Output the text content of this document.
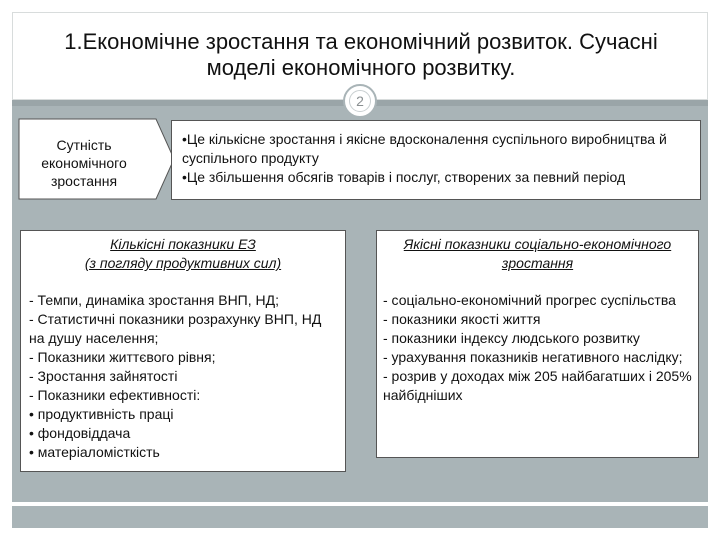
1.Економічне зростання та економічний розвиток. Сучасні моделі економічного розвитку.
2
Сутність економічного зростання
•Це кількісне зростання і якісне вдосконалення суспільного виробництва й суспільного продукту
•Це збільшення обсягів товарів і послуг, створених за певний період
Кількісні показники ЕЗ
(з погляду продуктивних сил)
- Темпи, динаміка зростання ВНП, НД;
- Статистичні показники розрахунку ВНП, НД на душу населення;
- Показники життєвого рівня;
- Зростання зайнятості
- Показники ефективності:
• продуктивність праці
• фондовіддача
• матеріаломісткість
Якісні показники соціально-економічного
зростання
- соціально-економічний прогрес суспільства
- показники якості життя
- показники індексу людського розвитку
- урахування показників негативного наслідку;
- розрив у доходах між 205 найбагатших і 205% найбідніших
